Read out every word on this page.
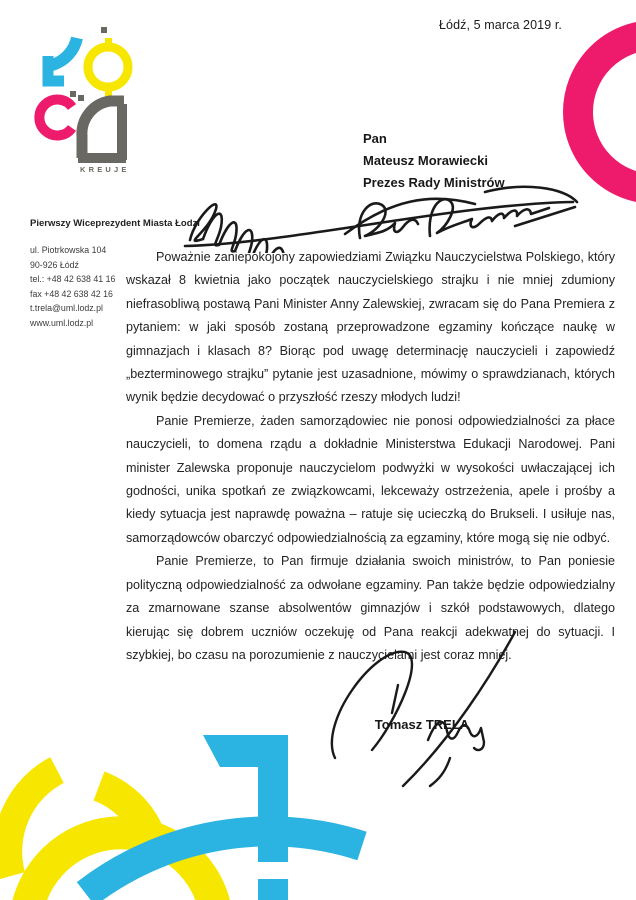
Łódź, 5 marca 2019 r.
KREUJE
Pierwszy Wiceprezydent Miasta Łodzi
ul. Piotrkowska 104
90-926 Łódź
tel.: +48 42 638 41 16
fax +48 42 638 42 16
t.trela@uml.lodz.pl
www.uml.lodz.pl
Pan
Mateusz Morawiecki
Prezes Rady Ministrów

Poważnie zaniepokojony zapowiedziami Związku Nauczycielstwa Polskiego, który wskazał 8 kwietnia jako początek nauczycielskiego strajku i nie mniej zdumiony niefrasobliwą postawą Pani Minister Anny Zalewskiej, zwracam się do Pana Premiera z pytaniem: w jaki sposób zostaną przeprowadzone egzaminy kończące naukę w gimnazjach i klasach 8? Biorąc pod uwagę determinację nauczycieli i zapowiedź „bezterminowego strajku” pytanie jest uzasadnione, mówimy o sprawdzianach, których wynik będzie decydować o przyszłość rzeszy młodych ludzi!

Panie Premierze, żaden samorządowiec nie ponosi odpowiedzialności za płace nauczycieli, to domena rządu a dokładnie Ministerstwa Edukacji Narodowej. Pani minister Zalewska proponuje nauczycielom podwyżki w wysokości uwłaczającej ich godności, unika spotkań ze związkowcami, lekceważy ostrzeżenia, apele i prośby a kiedy sytuacja jest naprawdę poważna – ratuje się ucieczką do Brukseli. I usiłuje nas, samorządowców obarczyć odpowiedzialnością za egzaminy, które mogą się nie odbyć.

Panie Premierze, to Pan firmuje działania swoich ministrów, to Pan poniesie polityczną odpowiedzialność za odwołane egzaminy. Pan także będzie odpowiedzialny za zmarnowane szanse absolwentów gimnazjów i szkół podstawowych, dlatego kierując się dobrem uczniów oczekuję od Pana reakcji adekwatnej do sytuacji. I szybkiej, bo czasu na porozumienie z nauczycielami jest coraz mniej.

Tomasz TRELA
